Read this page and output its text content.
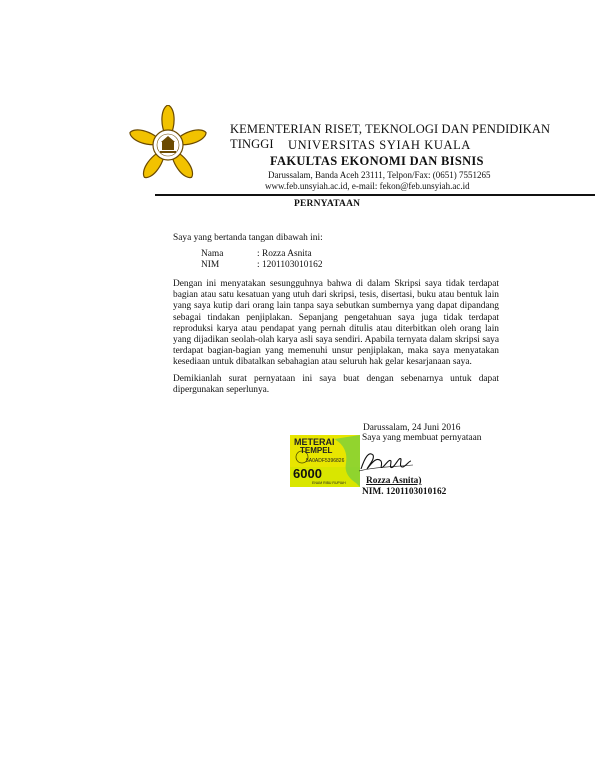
KEMENTERIAN RISET, TEKNOLOGI DAN PENDIDIKAN TINGGI	UNIVERSITAS SYIAH KUALA
FAKULTAS EKONOMI DAN BISNIS
Darussalam, Banda Aceh 23111, Telpon/Fax: (0651) 7551265
www.feb.unsyiah.ac.id, e-mail: fekon@feb.unsyiah.ac.id
PERNYATAAN
Saya yang bertanda tangan dibawah ini:
Nama	: Rozza Asnita
NIM	: 1201103010162
Dengan ini menyatakan sesungguhnya bahwa di dalam Skripsi saya tidak terdapat bagian atau satu kesatuan yang utuh dari skripsi, tesis, disertasi, buku atau bentuk lain yang saya kutip dari orang lain tanpa saya sebutkan sumbernya yang dapat dipandang sebagai tindakan penjiplakan. Sepanjang pengetahuan saya juga tidak terdapat reproduksi karya atau pendapat yang pernah ditulis atau diterbitkan oleh orang lain yang dijadikan seolah-olah karya asli saya sendiri. Apabila ternyata dalam skripsi saya terdapat bagian-bagian yang memenuhi unsur penjiplakan, maka saya menyatakan kesediaan untuk dibatalkan sebahagian atau seluruh hak gelar kesarjanaan saya.
Demikianlah surat pernyataan ini saya buat dengan sebenarnya untuk dapat dipergunakan seperlunya.
Darussalam, 24 Juni 2016
Saya yang membuat pernyataan
METERAI
TEMPEL
5A0ADF5396826
6000
ENAM RIBU RUPIAH Rozza Asnita)
NIM. 1201103010162
